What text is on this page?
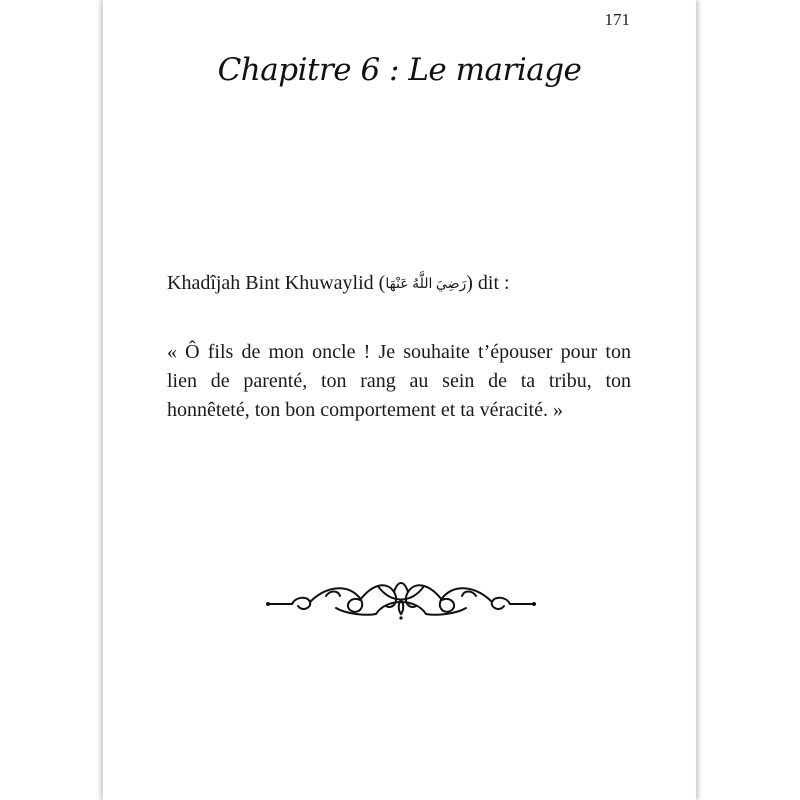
171
Chapitre 6 : Le mariage
Khadîjah Bint Khuwaylid (رَضِيَ اللَّهُ عَنْهَا) dit :

« Ô fils de mon oncle ! Je souhaite t’épouser pour ton lien de parenté, ton rang au sein de ta tribu, ton honnêteté, ton bon comportement et ta véracité. »
